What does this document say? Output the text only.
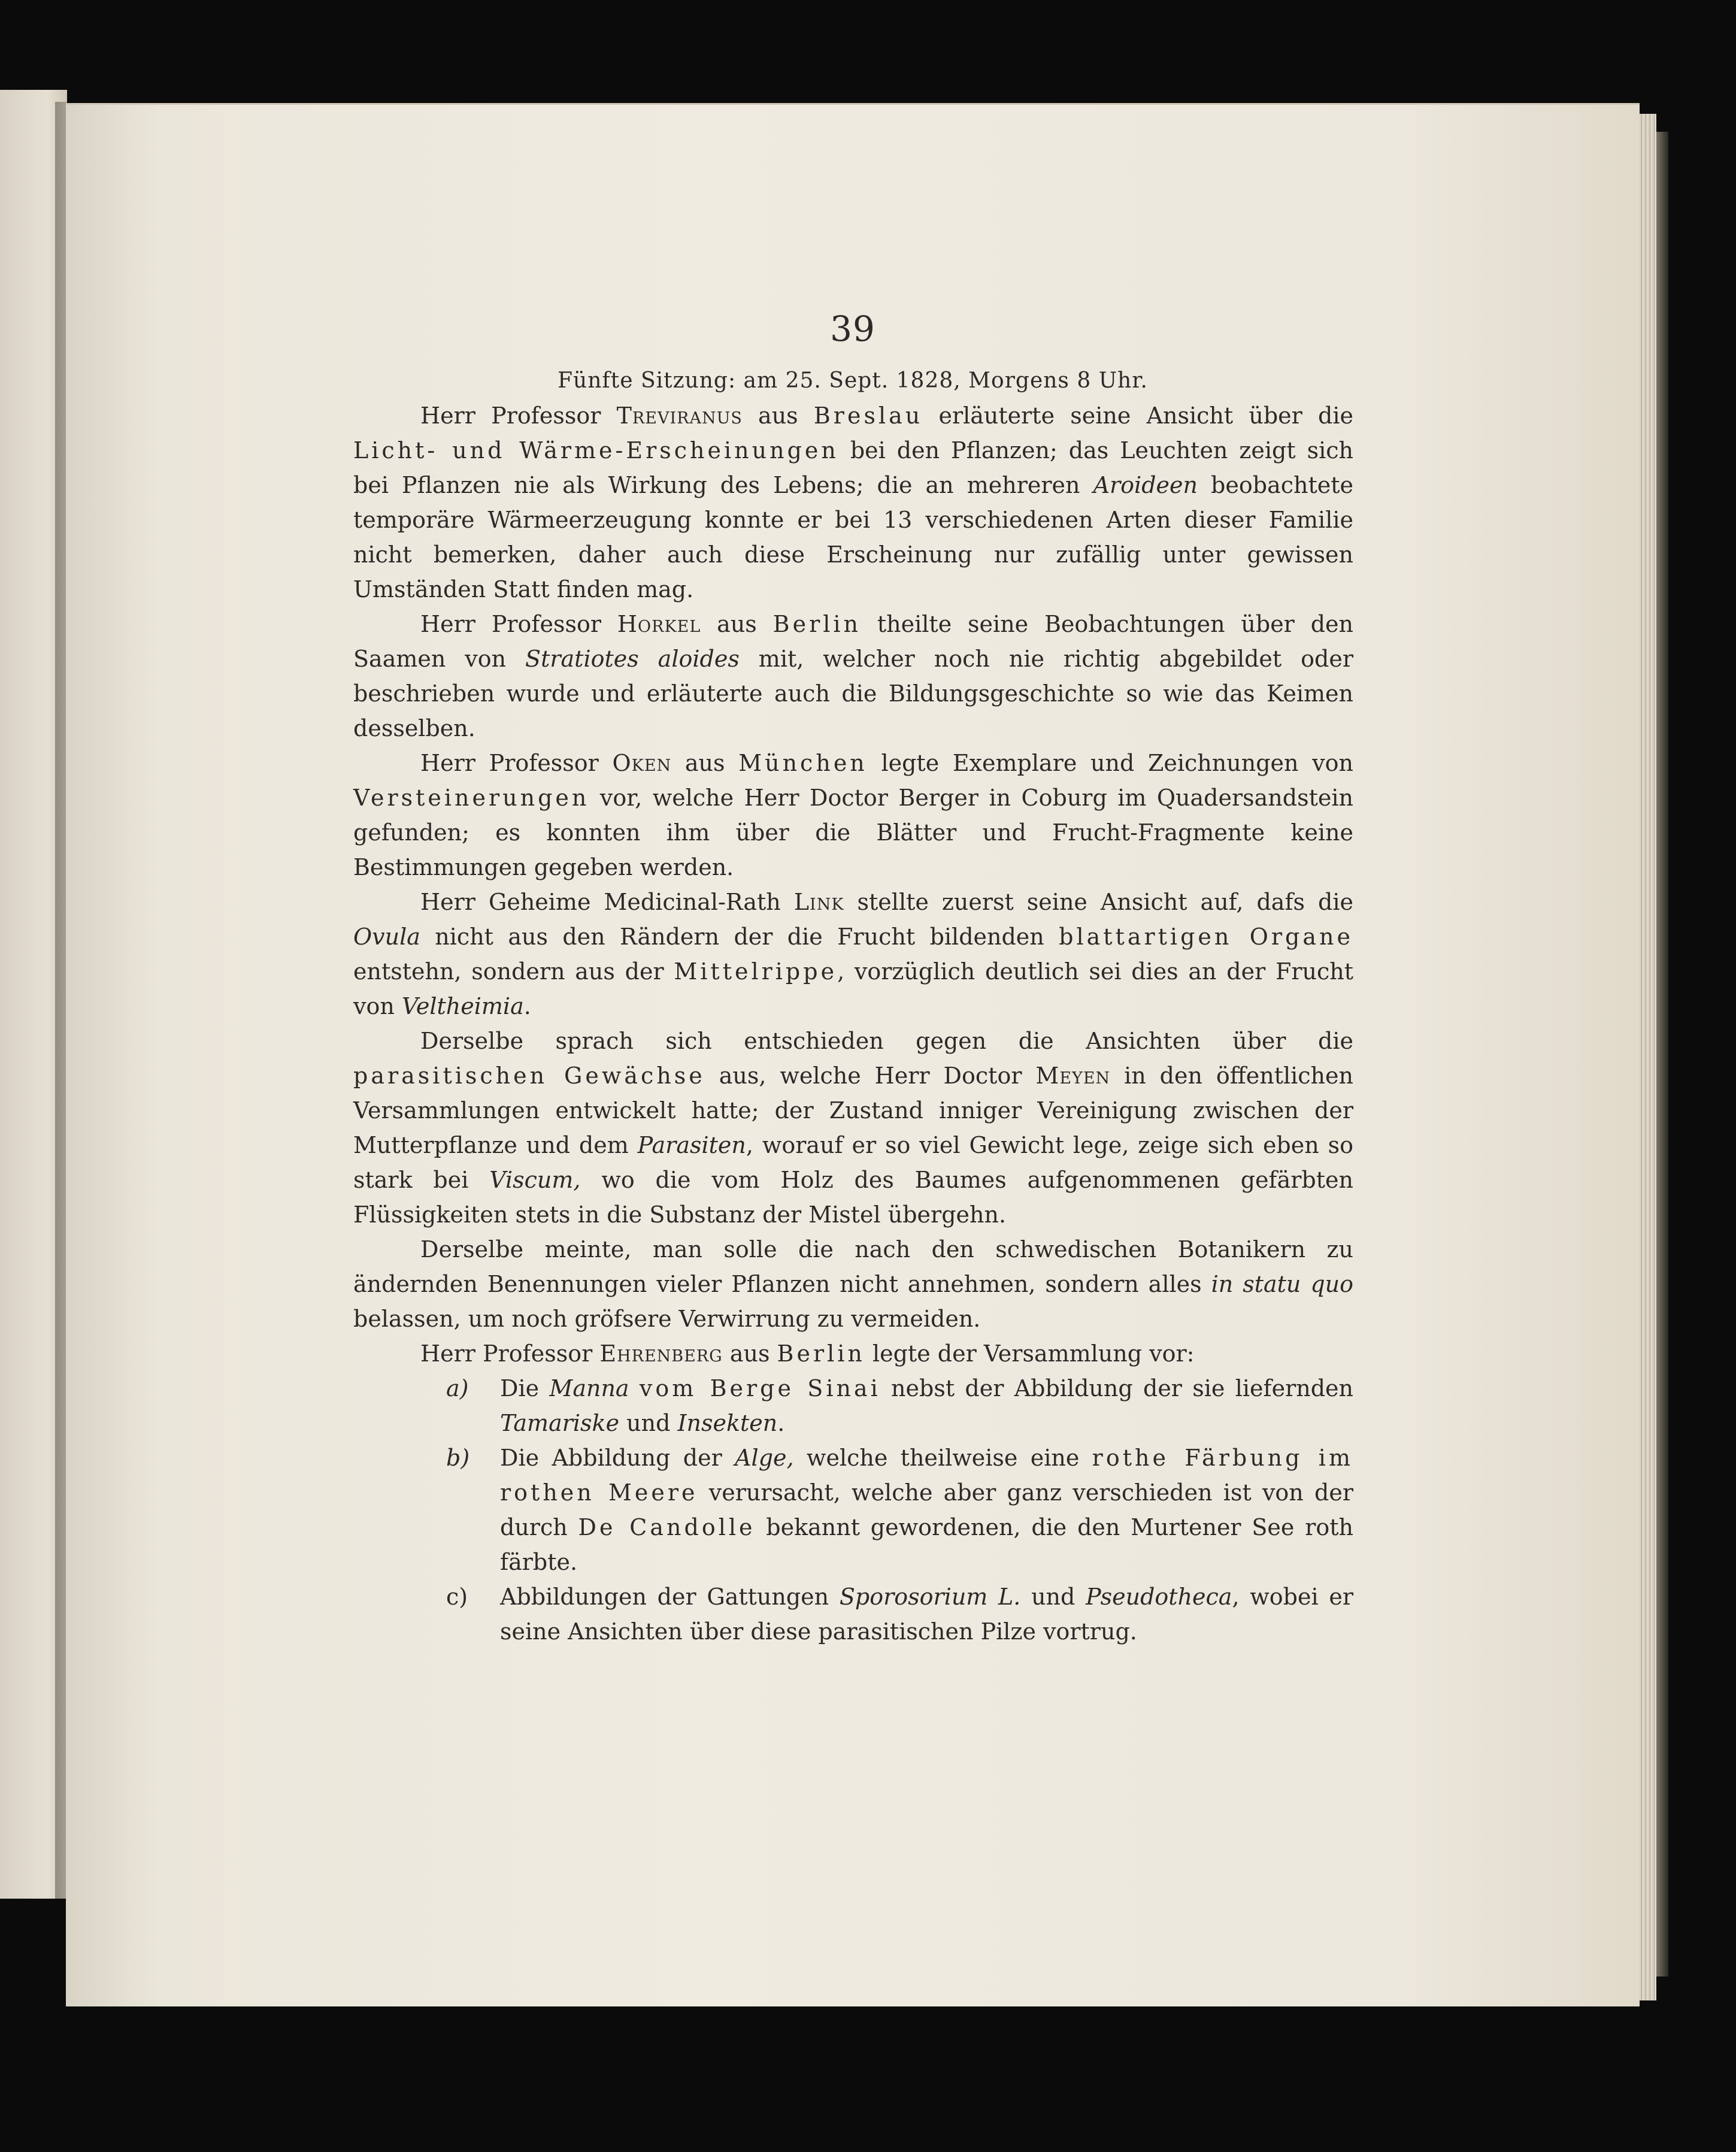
39
Fünfte Sitzung: am 25. Sept. 1828, Morgens 8 Uhr.

Herr Professor Treviranus aus Breslau erläuterte seine Ansicht über die Licht- und Wärme-Erscheinungen bei den Pflanzen; das Leuchten zeigt sich bei Pflanzen nie als Wirkung des Lebens; die an mehreren Aroideen beobachtete temporäre Wärmeerzeugung konnte er bei 13 verschiedenen Arten dieser Familie nicht bemerken, daher auch diese Erscheinung nur zufällig unter gewissen Umständen Statt finden mag.

Herr Professor Horkel aus Berlin theilte seine Beobachtungen über den Saamen von Stratiotes aloides mit, welcher noch nie richtig abgebildet oder beschrieben wurde und erläuterte auch die Bildungsgeschichte so wie das Keimen desselben.

Herr Professor Oken aus München legte Exemplare und Zeichnungen von Versteinerungen vor, welche Herr Doctor Berger in Coburg im Quadersandstein gefunden; es konnten ihm über die Blätter und Frucht-Fragmente keine Bestimmungen gegeben werden.

Herr Geheime Medicinal-Rath Link stellte zuerst seine Ansicht auf, dafs die Ovula nicht aus den Rändern der die Frucht bildenden blattartigen Organe entstehn, sondern aus der Mittelrippe, vorzüglich deutlich sei dies an der Frucht von Veltheimia.

Derselbe sprach sich entschieden gegen die Ansichten über die parasitischen Gewächse aus, welche Herr Doctor Meyen in den öffentlichen Versammlungen entwickelt hatte; der Zustand inniger Vereinigung zwischen der Mutterpflanze und dem Parasiten, worauf er so viel Gewicht lege, zeige sich eben so stark bei Viscum, wo die vom Holz des Baumes aufgenommenen gefärbten Flüssigkeiten stets in die Substanz der Mistel übergehn.

Derselbe meinte, man solle die nach den schwedischen Botanikern zu ändernden Benennungen vieler Pflanzen nicht annehmen, sondern alles in statu quo belassen, um noch gröfsere Verwirrung zu vermeiden.

Herr Professor Ehrenberg aus Berlin legte der Versammlung vor:

a) Die Manna vom Berge Sinai nebst der Abbildung der sie liefernden Tamariske und Insekten.
b) Die Abbildung der Alge, welche theilweise eine rothe Färbung im rothen Meere verursacht, welche aber ganz verschieden ist von der durch De Candolle bekannt gewordenen, die den Murtener See roth färbte.
c) Abbildungen der Gattungen Sporosorium L. und Pseudotheca, wobei er seine Ansichten über diese parasitischen Pilze vortrug.
